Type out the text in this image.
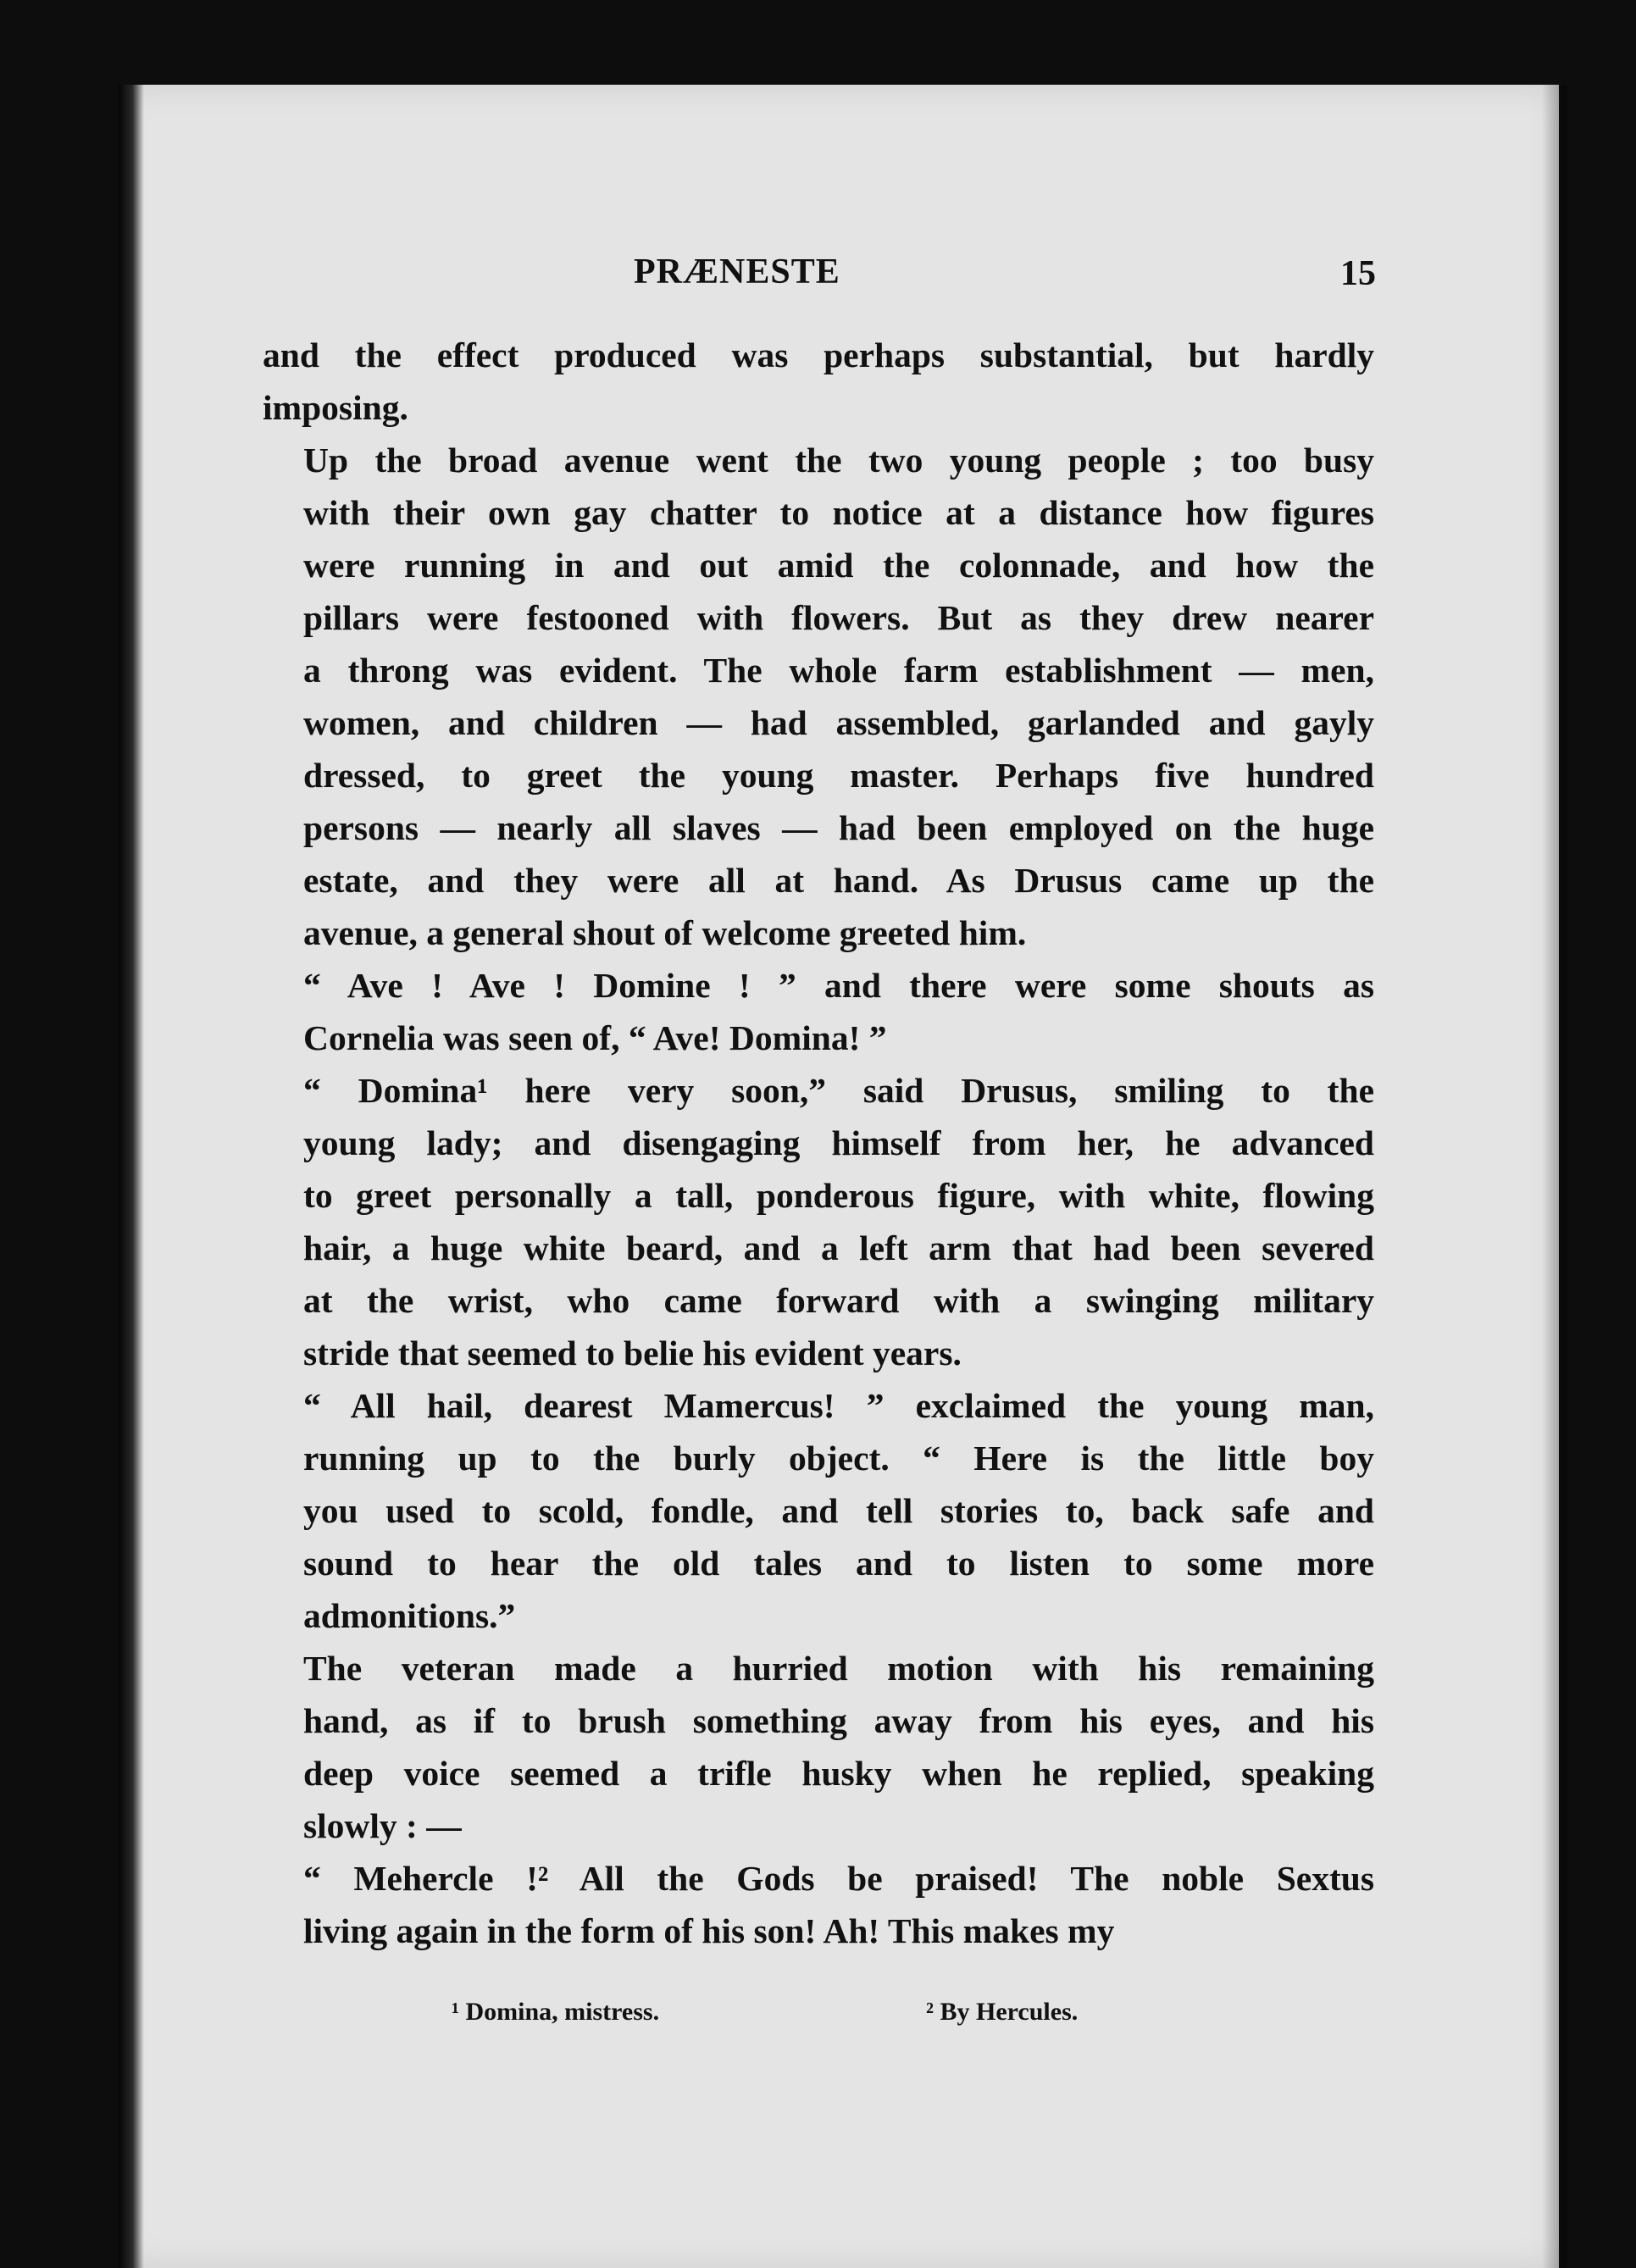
PRÆNESTE	15

and the effect produced was perhaps substantial, but hardly
imposing.

Up the broad avenue went the two young people ; too busy
with their own gay chatter to notice at a distance how figures
were running in and out amid the colonnade, and how the
pillars were festooned with flowers. But as they drew nearer
a throng was evident. The whole farm establishment — men,
women, and children — had assembled, garlanded and gayly
dressed, to greet the young master. Perhaps five hundred
persons — nearly all slaves — had been employed on the huge
estate, and they were all at hand. As Drusus came up the
avenue, a general shout of welcome greeted him.

“ Ave ! Ave ! Domine ! ” and there were some shouts as
Cornelia was seen of, “ Ave! Domina! ”

“ Domina¹ here very soon,” said Drusus, smiling to the
young lady; and disengaging himself from her, he advanced
to greet personally a tall, ponderous figure, with white, flowing
hair, a huge white beard, and a left arm that had been severed
at the wrist, who came forward with a swinging military
stride that seemed to belie his evident years.

“ All hail, dearest Mamercus! ” exclaimed the young man,
running up to the burly object. “ Here is the little boy
you used to scold, fondle, and tell stories to, back safe and
sound to hear the old tales and to listen to some more
admonitions.”

The veteran made a hurried motion with his remaining
hand, as if to brush something away from his eyes, and his
deep voice seemed a trifle husky when he replied, speaking
slowly : —

“ Mehercle !² All the Gods be praised! The noble Sextus
living again in the form of his son! Ah! This makes my

¹ Domina, mistress.	² By Hercules.
